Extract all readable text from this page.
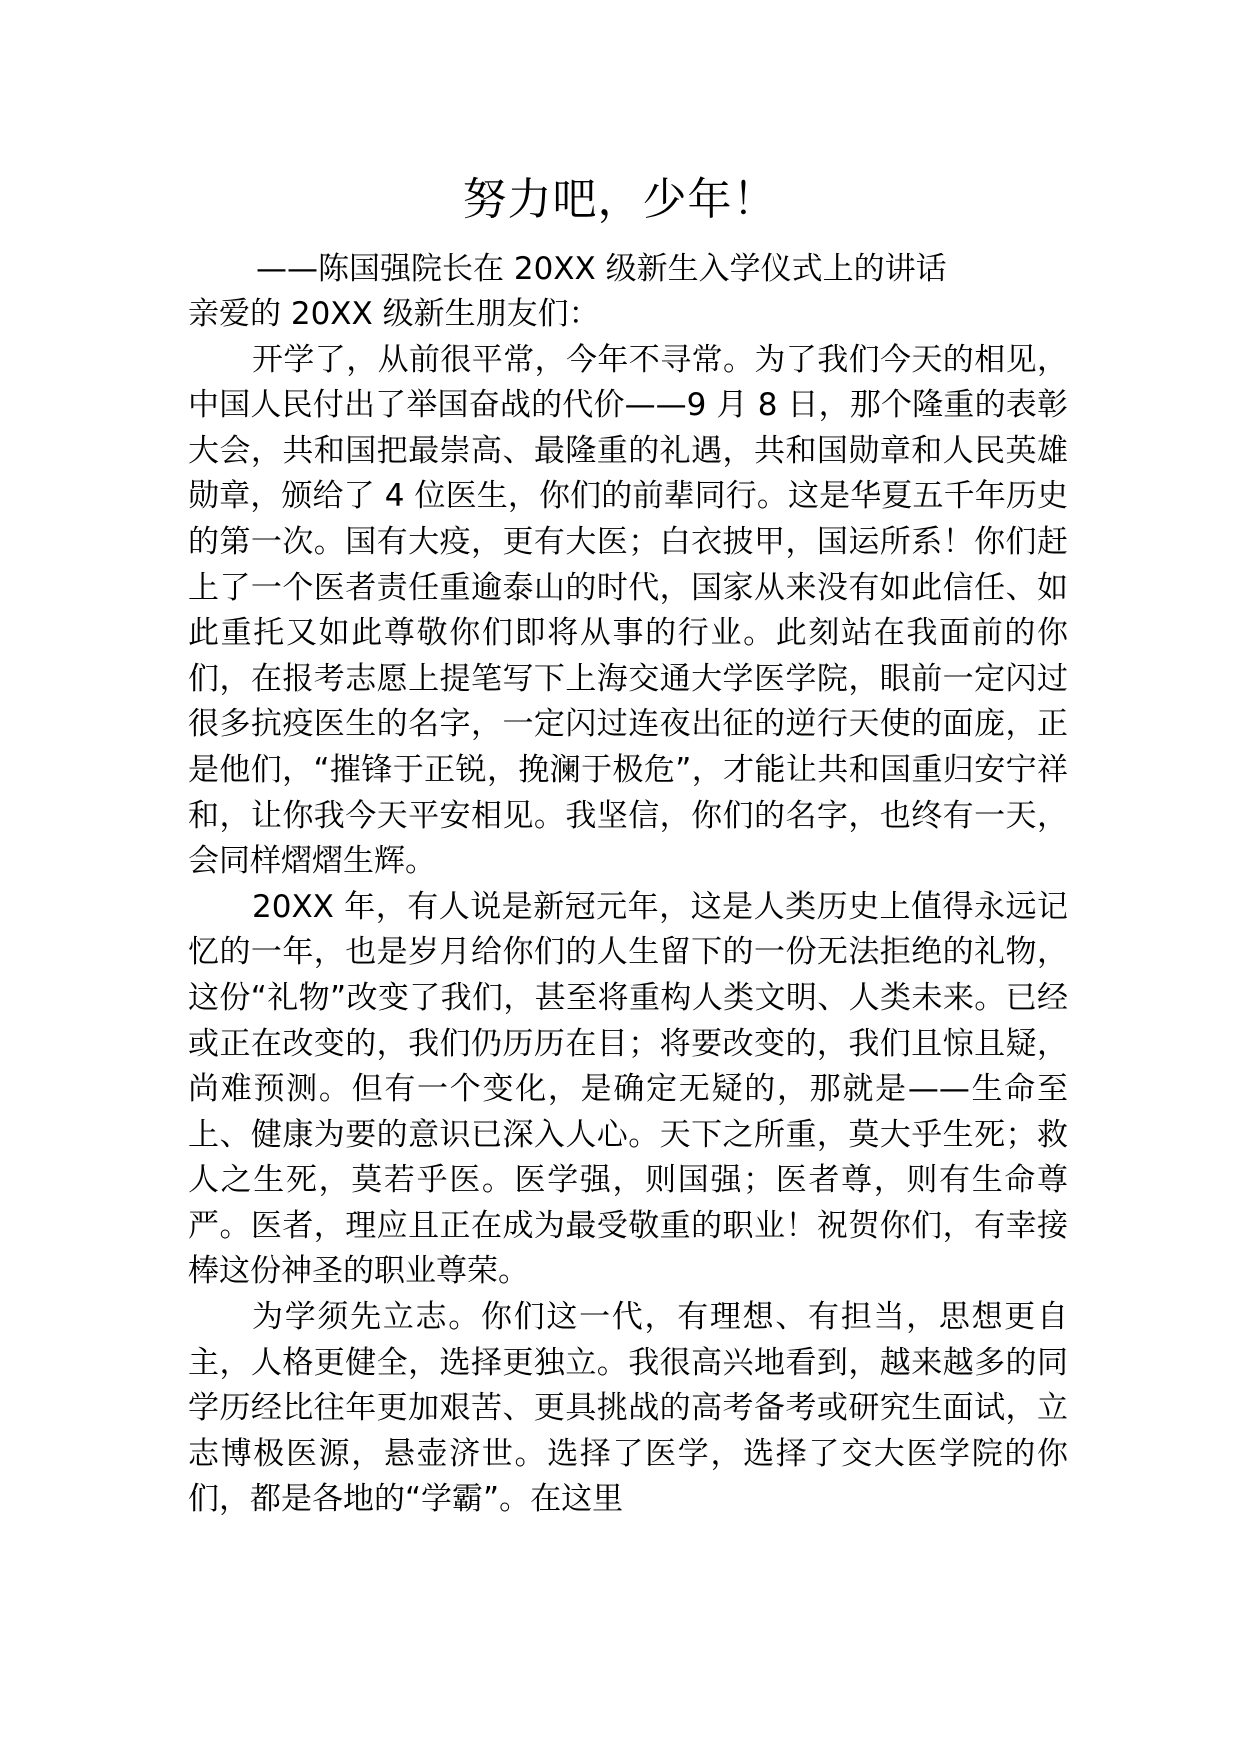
努力吧，少年！

——陈国强院长在 20XX 级新生入学仪式上的讲话

亲爱的 20XX 级新生朋友们：

开学了，从前很平常，今年不寻常。为了我们今天的相见，中国人民付出了举国奋战的代价——9 月 8 日，那个隆重的表彰大会，共和国把最崇高、最隆重的礼遇，共和国勋章和人民英雄勋章，颁给了 4 位医生，你们的前辈同行。这是华夏五千年历史的第一次。国有大疫，更有大医；白衣披甲，国运所系！你们赶上了一个医者责任重逾泰山的时代，国家从来没有如此信任、如此重托又如此尊敬你们即将从事的行业。此刻站在我面前的你们，在报考志愿上提笔写下上海交通大学医学院，眼前一定闪过很多抗疫医生的名字，一定闪过连夜出征的逆行天使的面庞，正是他们，“摧锋于正锐，挽澜于极危”，才能让共和国重归安宁祥和，让你我今天平安相见。我坚信，你们的名字，也终有一天，会同样熠熠生辉。

20XX 年，有人说是新冠元年，这是人类历史上值得永远记忆的一年，也是岁月给你们的人生留下的一份无法拒绝的礼物，这份“礼物”改变了我们，甚至将重构人类文明、人类未来。已经或正在改变的，我们仍历历在目；将要改变的，我们且惊且疑，尚难预测。但有一个变化，是确定无疑的，那就是——生命至上、健康为要的意识已深入人心。天下之所重，莫大乎生死；救人之生死，莫若乎医。医学强，则国强；医者尊，则有生命尊严。医者，理应且正在成为最受敬重的职业！祝贺你们，有幸接棒这份神圣的职业尊荣。

为学须先立志。你们这一代，有理想、有担当，思想更自主，人格更健全，选择更独立。我很高兴地看到，越来越多的同学历经比往年更加艰苦、更具挑战的高考备考或研究生面试，立志博极医源，悬壶济世。选择了医学，选择了交大医学院的你们，都是各地的“学霸”。在这里
